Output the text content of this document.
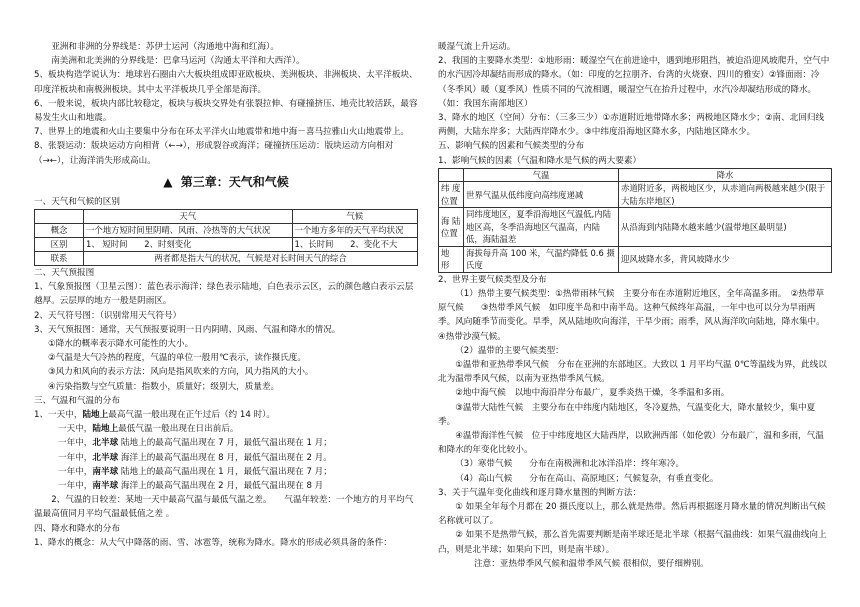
亚洲和非洲的分界线是：苏伊士运河（沟通地中海和红海）。

南美洲和北美洲的分界线是：巴拿马运河（沟通太平洋和大西洋）。

5、板块构造学说认为：地球岩石圈由六大板块组成即亚欧板块、美洲板块、非洲板块、太平洋板块、印度洋板块和南极洲板块。其中太平洋板块几乎全部是海洋。

6、一般来说，板块内部比较稳定，板块与板块交界处有张裂拉伸、有碰撞挤压、地壳比较活跃，最容易发生火山和地震。

7、世界上的地震和火山主要集中分布在环太平洋火山地震带和地中海－喜马拉雅山火山地震带上。

8、张裂运动：版块运动方向相背（←→），形成裂谷或海洋；碰撞挤压运动：版块运动方向相对（→←），让海洋消失形成高山。

▲ 第三章：天气和气候

一、天气和气候的区别

	天气	气候
概念	一个地方短时间里阴晴、风雨、冷热等的大气状况	一个地方多年的天气平均状况
区别	1、 短时间　　2、时刻变化	1、长时间　　2、变化不大
联系	两者都是指大气的状况，气候是对长时间天气的综合	

二、天气预报图

1、气象预报图（卫星云图）：蓝色表示海洋；绿色表示陆地，白色表示云区，云的颜色越白表示云层越厚。云层厚的地方一般是阴雨区。

2、天气符号图：（识别常用天气符号）

3、天气预报图：通常，天气预报要说明一日内阴晴、风雨、气温和降水的情况。

①降水的概率表示降水可能性的大小。

②气温是大气冷热的程度，气温的单位一般用℃表示，读作摄氏度。

③风力和风向的表示方法：风向是指风吹来的方向，风力指风的大小。

④污染指数与空气质量：指数小，质量好；级别大，质量差。

三、气温和气温的分布

1、一天中，陆地上最高气温一般出现在正午过后（约 14 时）。

一天中，陆地上最低气温一般出现在日出前后。

一年中，北半球 陆地上的最高气温出现在 7 月，最低气温出现在 1 月；

一年中，北半球 海洋上的最高气温出现在 8 月，最低气温出现在 2 月。

一年中，南半球 陆地上的最高气温出现在 1 月，最低气温出现在 7 月；

一年中，南半球 海洋上的最高气温出现在 2 月，最低气温出现在 8 月

2、气温的日较差：某地一天中最高气温与最低气温之差。　　气温年较差：一个地方的月平均气温最高值同月平均气温最低值之差 。

四、降水和降水的分布

1、降水的概念：从大气中降落的雨、雪、冰雹等，统称为降水。降水的形成必须具备的条件：

暖湿气流上升运动。

2、我国的主要降水类型：①地形雨：暖湿空气在前进途中，遇到地形阻挡，被迫沿迎风坡爬升，空气中的水汽因冷却凝结而形成的降水。（如：印度的乞拉朋齐、台湾的火烧寮、四川的雅安）②锋面雨：冷（冬季风）暖（夏季风）性质不同的气流相遇，暖湿空气在抬升过程中，水汽冷却凝结形成的降水。（如：我国东南部地区）

3、降水的地区（空间）分布：（三多三少）①赤道附近地带降水多；两极地区降水少；②南、北回归线两侧，大陆东岸多；大陆西岸降水少。③中纬度沿海地区降水多，内陆地区降水少。

五、影响气候的因素和气候类型的分布

1、影响气候的因素（气温和降水是气候的两大要素）

	气温	降水
纬 度位置	世界气温从低纬度向高纬度递减	赤道附近多，两极地区少，从赤道向两极越来越少(限于大陆东岸地区)
海 陆位置	同纬度地区，夏季沿海地区气温低,内陆地区高，冬季沿海地区气温高，内陆低，海陆温差	从沿海到内陆降水越来越少(温带地区最明显)
地　形	海拔每升高 100 米，气温约降低 0.6 摄氏度	迎风坡降水多，背风坡降水少

2、世界主要气候类型及分布

（1）热带主要气候类型：①热带雨林气候　主要分布在赤道附近地区，全年高温多雨。　②热带草原气候　　③热带季风气候　如印度半岛和中南半岛。这种气候终年高温，一年中也可以分为旱雨两季。风向随季节而变化。旱季，风从陆地吹向海洋，干旱少雨；雨季，风从海洋吹向陆地，降水集中。　　④热带沙漠气候。

（2）温带的主要气候类型：

①温带和亚热带季风气候　分布在亚洲的东部地区。大致以 1 月平均气温 0℃等温线为界，此线以北为温带季风气候，以南为亚热带季风气候。

②地中海气候　以地中海沿岸分布最广，夏季炎热干燥，冬季温和多雨。

③温带大陆性气候　主要分布在中纬度内陆地区，冬冷夏热，气温变化大，降水量较少，集中夏季。

④温带海洋性气候　位于中纬度地区大陆西岸，以欧洲西部（如伦敦）分布最广，温和多雨，气温和降水的年变化比较小。

（3）寒带气候　　分布在南极洲和北冰洋沿岸：终年寒冷。

（4）高山气候　　分布在高山、高原地区；气候复杂，有垂直变化。

3、关于气温年变化曲线和逐月降水量图的判断方法：

① 如果全年每个月都在 20 摄氏度以上，那么就是热带。然后再根据逐月降水量的情况判断出气候名称就可以了。

② 如果不是热带气候，那么首先需要判断是南半球还是北半球（根据气温曲线：如果气温曲线向上凸，则是北半球；如果向下凹，则是南半球）。

注意：亚热带季风气候和温带季风气候 很相似，要仔细辨别。
